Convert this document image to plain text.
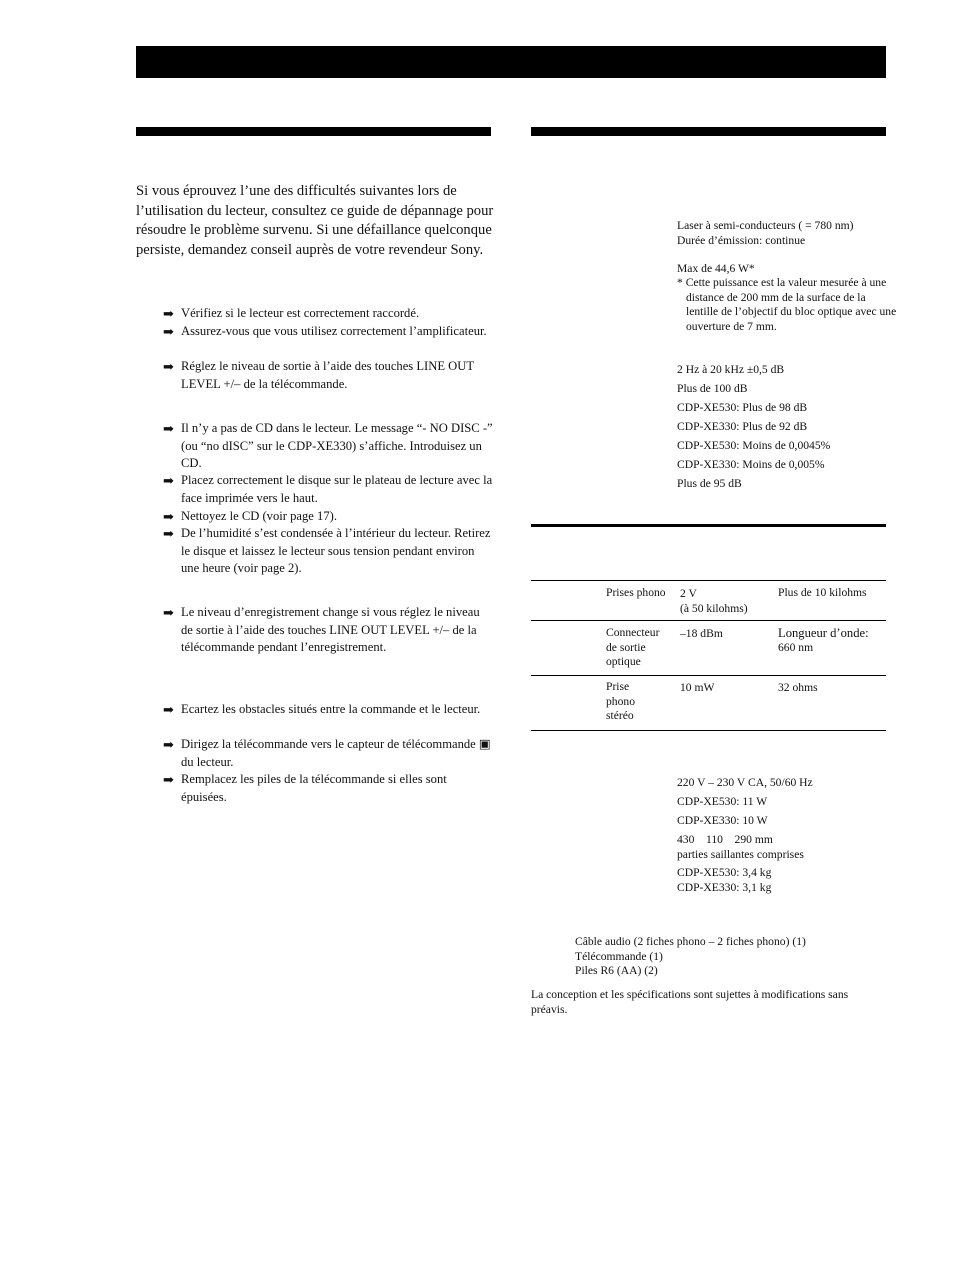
Si vous éprouvez l’une des difficultés suivantes lors de l’utilisation du lecteur, consultez ce guide de dépannage pour résoudre le problème survenu. Si une défaillance quelconque persiste, demandez conseil auprès de votre revendeur Sony.

➡ Vérifiez si le lecteur est correctement raccordé.
➡ Assurez-vous que vous utilisez correctement l’amplificateur.
➡ Réglez le niveau de sortie à l’aide des touches LINE OUT LEVEL +/– de la télécommande.
➡ Il n’y a pas de CD dans le lecteur. Le message “- NO DISC -” (ou “no dISC” sur le CDP-XE330) s’affiche. Introduisez un CD.
➡ Placez correctement le disque sur le plateau de lecture avec la face imprimée vers le haut.
➡ Nettoyez le CD (voir page 17).
➡ De l’humidité s’est condensée à l’intérieur du lecteur. Retirez le disque et laissez le lecteur sous tension pendant environ une heure (voir page 2).
➡ Le niveau d’enregistrement change si vous réglez le niveau de sortie à l’aide des touches LINE OUT LEVEL +/– de la télécommande pendant l’enregistrement.
➡ Ecartez les obstacles situés entre la commande et le lecteur.
➡ Dirigez la télécommande vers le capteur de télécommande ▣ du lecteur.
➡ Remplacez les piles de la télécommande si elles sont épuisées.
Laser à semi-conducteurs ( = 780 nm)
Durée d’émission: continue
Max de 44,6 W*
* Cette puissance est la valeur mesurée à une distance de 200 mm de la surface de la lentille de l’objectif du bloc optique avec une ouverture de 7 mm.
2 Hz à 20 kHz ±0,5 dB
Plus de 100 dB
CDP-XE530: Plus de 98 dB
CDP-XE330: Plus de 92 dB
CDP-XE530: Moins de 0,0045%
CDP-XE330: Moins de 0,005%
Plus de 95 dB
Prises phono 2 V
(à 50 kilohms)
Plus de 10 kilohms
Connecteur de sortie optique
–18 dBm	Longueur d’onde:
660 nm
Prise phono stéréo
10 mW	32 ohms
220 V – 230 V CA, 50/60 Hz
CDP-XE530: 11 W
CDP-XE330: 10 W
430    110    290 mm
parties saillantes comprises
CDP-XE530: 3,4 kg
CDP-XE330: 3,1 kg
Câble audio (2 fiches phono – 2 fiches phono) (1)
Télécommande (1)
Piles R6 (AA) (2)
La conception et les spécifications sont sujettes à modifications sans préavis.
